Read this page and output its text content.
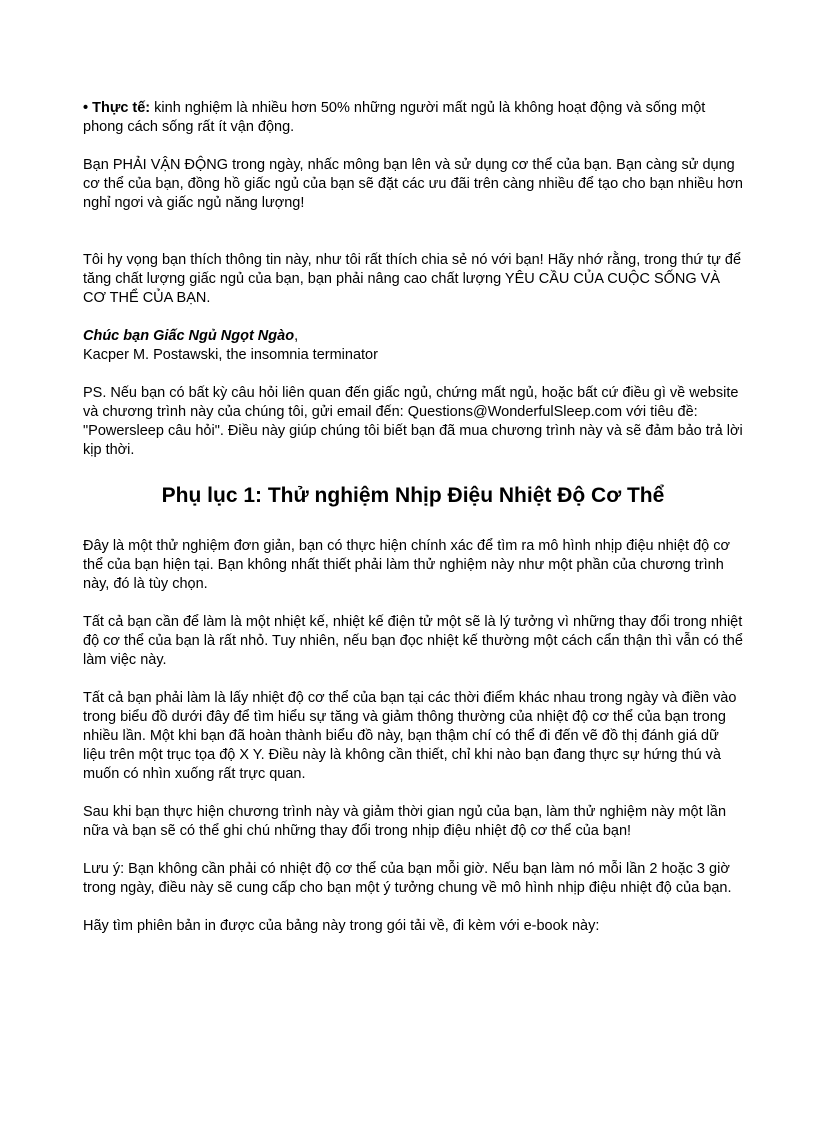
• Thực tế: kinh nghiệm là nhiều hơn 50% những người mất ngủ là không hoạt động và sống một phong cách sống rất ít vận động.

Bạn PHẢI VẬN ĐỘNG trong ngày, nhấc mông bạn lên và sử dụng cơ thể của bạn. Bạn càng sử dụng cơ thể của bạn, đồng hồ giấc ngủ của bạn sẽ đặt các ưu đãi trên càng nhiều để tạo cho bạn nhiều hơn nghỉ ngơi và giấc ngủ năng lượng!

Tôi hy vọng bạn thích thông tin này, như tôi rất thích chia sẻ nó với bạn! Hãy nhớ rằng, trong thứ tự để tăng chất lượng giấc ngủ của bạn, bạn phải nâng cao chất lượng YÊU CẦU CỦA CUỘC SỐNG VÀ CƠ THỂ CỦA BẠN.

Chúc bạn Giấc Ngủ Ngọt Ngào,
Kacper M. Postawski, the insomnia terminator

PS. Nếu bạn có bất kỳ câu hỏi liên quan đến giấc ngủ, chứng mất ngủ, hoặc bất cứ điều gì về website và chương trình này của chúng tôi, gửi email đến: Questions@WonderfulSleep.com với tiêu đề: "Powersleep câu hỏi". Điều này giúp chúng tôi biết bạn đã mua chương trình này và sẽ đảm bảo trả lời kịp thời.

Phụ lục 1: Thử nghiệm Nhịp Điệu Nhiệt Độ Cơ Thể

Đây là một thử nghiệm đơn giản, bạn có thực hiện chính xác để tìm ra mô hình nhịp điệu nhiệt độ cơ thể của bạn hiện tại. Bạn không nhất thiết phải làm thử nghiệm này như một phần của chương trình này, đó là tùy chọn.

Tất cả bạn cần để làm là một nhiệt kế, nhiệt kế điện tử một sẽ là lý tưởng vì những thay đổi trong nhiệt độ cơ thể của bạn là rất nhỏ. Tuy nhiên, nếu bạn đọc nhiệt kế thường một cách cẩn thận thì vẫn có thể làm việc này.

Tất cả bạn phải làm là lấy nhiệt độ cơ thể của bạn tại các thời điểm khác nhau trong ngày và điền vào trong biểu đồ dưới đây để tìm hiểu sự tăng và giảm thông thường của nhiệt độ cơ thể của bạn trong nhiều lần. Một khi bạn đã hoàn thành biểu đồ này, bạn thậm chí có thể đi đến vẽ đồ thị đánh giá dữ liệu trên một trục tọa độ X Y. Điều này là không cần thiết, chỉ khi nào bạn đang thực sự hứng thú và muốn có nhìn xuống rất trực quan.

Sau khi bạn thực hiện chương trình này và giảm thời gian ngủ của bạn, làm thử nghiệm này một lần nữa và bạn sẽ có thể ghi chú những thay đổi trong nhịp điệu nhiệt độ cơ thể của bạn!

Lưu ý: Bạn không cần phải có nhiệt độ cơ thể của bạn mỗi giờ. Nếu bạn làm nó mỗi lần 2 hoặc 3 giờ trong ngày, điều này sẽ cung cấp cho bạn một ý tưởng chung về mô hình nhịp điệu nhiệt độ của bạn.

Hãy tìm phiên bản in được của bảng này trong gói tải về, đi kèm với e-book này:
